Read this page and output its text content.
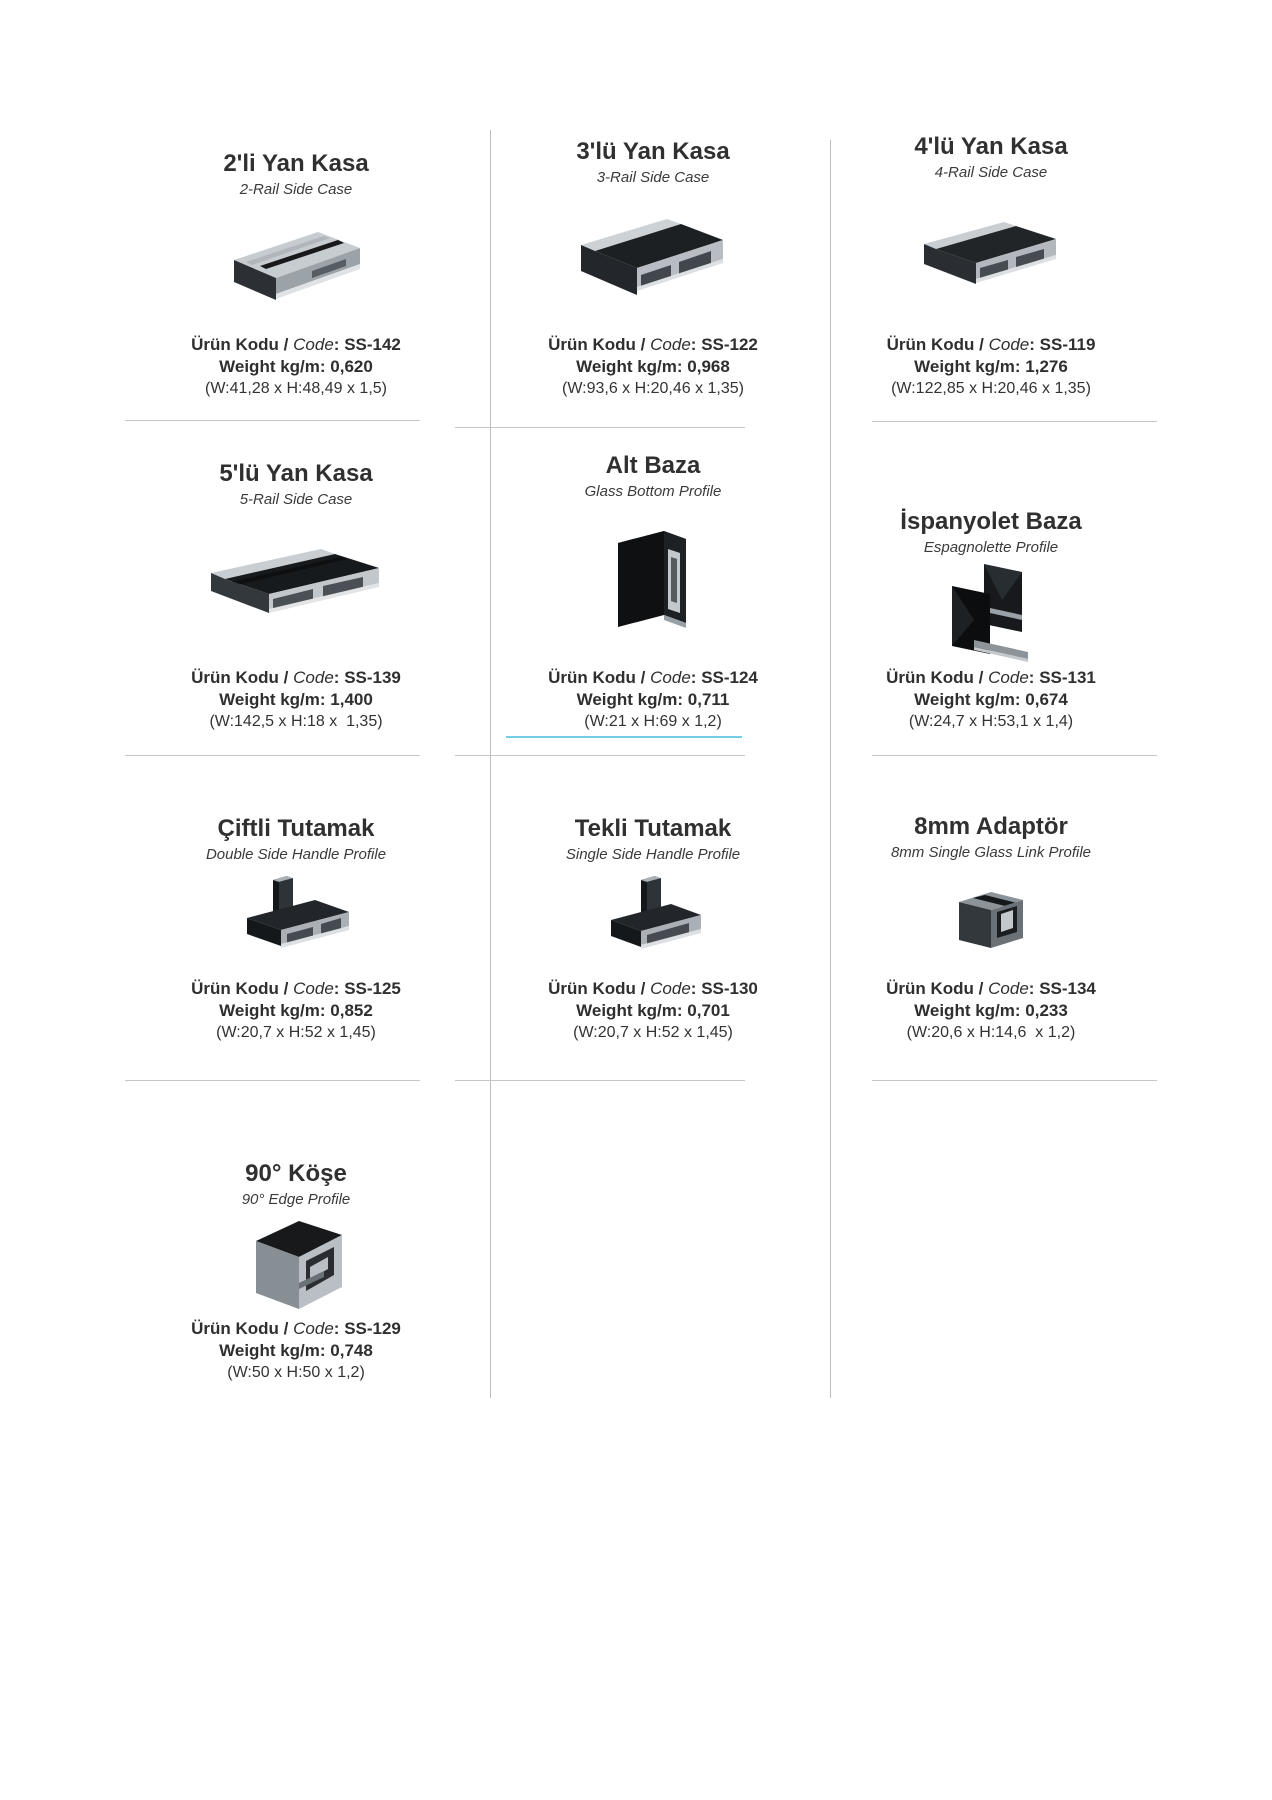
2'li Yan Kasa
2-Rail Side Case
Ürün Kodu / Code: SS-142
Weight kg/m: 0,620
(W:41,28 x H:48,49 x 1,5)
3'lü Yan Kasa
3-Rail Side Case
Ürün Kodu / Code: SS-122
Weight kg/m: 0,968
(W:93,6 x H:20,46 x 1,35)
4'lü Yan Kasa
4-Rail Side Case
Ürün Kodu / Code: SS-119
Weight kg/m: 1,276
(W:122,85 x H:20,46 x 1,35)
5'lü Yan Kasa
5-Rail Side Case
Ürün Kodu / Code: SS-139
Weight kg/m: 1,400
(W:142,5 x H:18 x  1,35)
Alt Baza
Glass Bottom Profile
Ürün Kodu / Code: SS-124
Weight kg/m: 0,711
(W:21 x H:69 x 1,2)
İspanyolet Baza
Espagnolette Profile
Ürün Kodu / Code: SS-131
Weight kg/m: 0,674
(W:24,7 x H:53,1 x 1,4)
Çiftli Tutamak
Double Side Handle Profile
Ürün Kodu / Code: SS-125
Weight kg/m: 0,852
(W:20,7 x H:52 x 1,45)
Tekli Tutamak
Single Side Handle Profile
Ürün Kodu / Code: SS-130
Weight kg/m: 0,701
(W:20,7 x H:52 x 1,45)
8mm Adaptör
8mm Single Glass Link Profile
Ürün Kodu / Code: SS-134
Weight kg/m: 0,233
(W:20,6 x H:14,6  x 1,2)
90° Köşe
90° Edge Profile
Ürün Kodu / Code: SS-129
Weight kg/m: 0,748
(W:50 x H:50 x 1,2)
